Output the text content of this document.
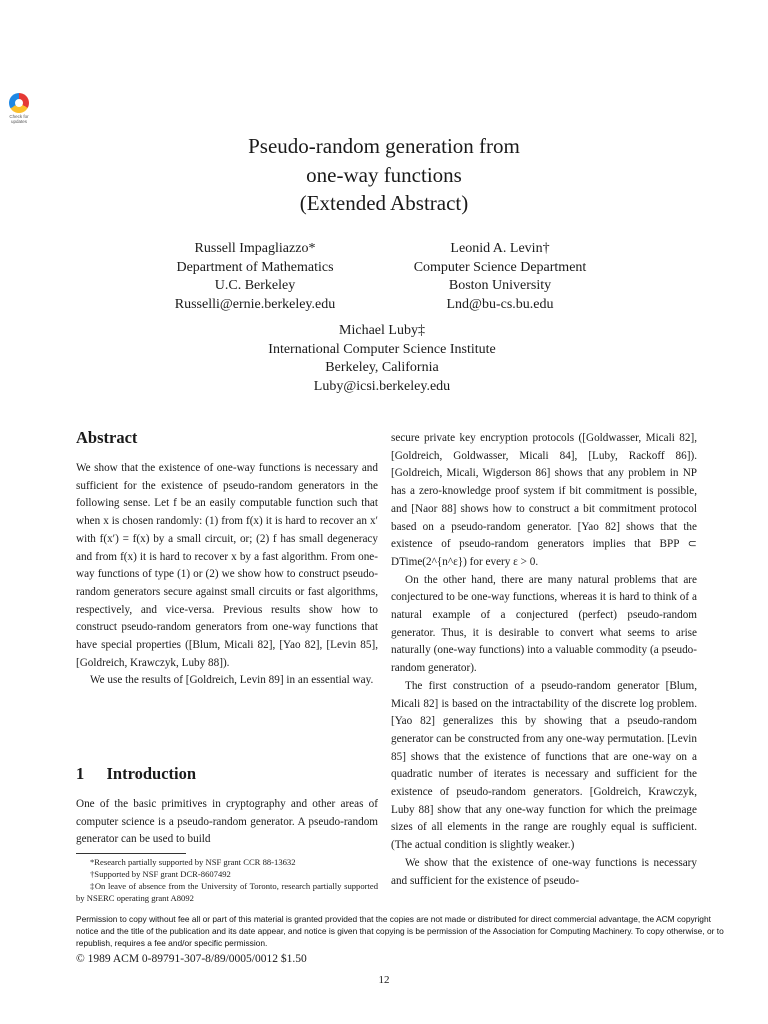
Check for updates
Pseudo-random generation from
one-way functions
(Extended Abstract)
Russell Impagliazzo*
Department of Mathematics
U.C. Berkeley
Russelli@ernie.berkeley.edu
Leonid A. Levin†
Computer Science Department
Boston University
Lnd@bu-cs.bu.edu
Michael Luby‡
International Computer Science Institute
Berkeley, California
Luby@icsi.berkeley.edu
Abstract

We show that the existence of one-way functions is necessary and sufficient for the existence of pseudo-random generators in the following sense. Let f be an easily computable function such that when x is chosen randomly: (1) from f(x) it is hard to recover an x′ with f(x′) = f(x) by a small circuit, or; (2) f has small degeneracy and from f(x) it is hard to recover x by a fast algorithm. From one-way functions of type (1) or (2) we show how to construct pseudo-random generators secure against small circuits or fast algorithms, respectively, and vice-versa. Previous results show how to construct pseudo-random generators from one-way functions that have special properties ([Blum, Micali 82], [Yao 82], [Levin 85], [Goldreich, Krawczyk, Luby 88]).

We use the results of [Goldreich, Levin 89] in an essential way.

1 Introduction

One of the basic primitives in cryptography and other areas of computer science is a pseudo-random generator. A pseudo-random generator can be used to build

secure private key encryption protocols ([Goldwasser, Micali 82], [Goldreich, Goldwasser, Micali 84], [Luby, Rackoff 86]). [Goldreich, Micali, Wigderson 86] shows that any problem in NP has a zero-knowledge proof system if bit commitment is possible, and [Naor 88] shows how to construct a bit commitment protocol based on a pseudo-random generator. [Yao 82] shows that the existence of pseudo-random generators implies that BPP ⊂ DTime(2^{n^ε}) for every ε > 0.

On the other hand, there are many natural problems that are conjectured to be one-way functions, whereas it is hard to think of a natural example of a conjectured (perfect) pseudo-random generator. Thus, it is desirable to convert what seems to arise naturally (one-way functions) into a valuable commodity (a pseudo-random generator).

The first construction of a pseudo-random generator [Blum, Micali 82] is based on the intractability of the discrete log problem. [Yao 82] generalizes this by showing that a pseudo-random generator can be constructed from any one-way permutation. [Levin 85] shows that the existence of functions that are one-way on a quadratic number of iterates is necessary and sufficient for the existence of pseudo-random generators. [Goldreich, Krawczyk, Luby 88] show that any one-way function for which the preimage sizes of all elements in the range are roughly equal is sufficient. (The actual condition is slightly weaker.)

We show that the existence of one-way functions is necessary and sufficient for the existence of pseudo-

*Research partially supported by NSF grant CCR 88-13632

†Supported by NSF grant DCR-8607492

‡On leave of absence from the University of Toronto, research partially supported by NSERC operating grant A8092

Permission to copy without fee all or part of this material is granted provided that the copies are not made or distributed for direct commercial advantage, the ACM copyright notice and the title of the publication and its date appear, and notice is given that copying is be permission of the Association for Computing Machinery. To copy otherwise, or to republish, requires a fee and/or specific permission.
© 1989 ACM 0-89791-307-8/89/0005/0012 $1.50
12
